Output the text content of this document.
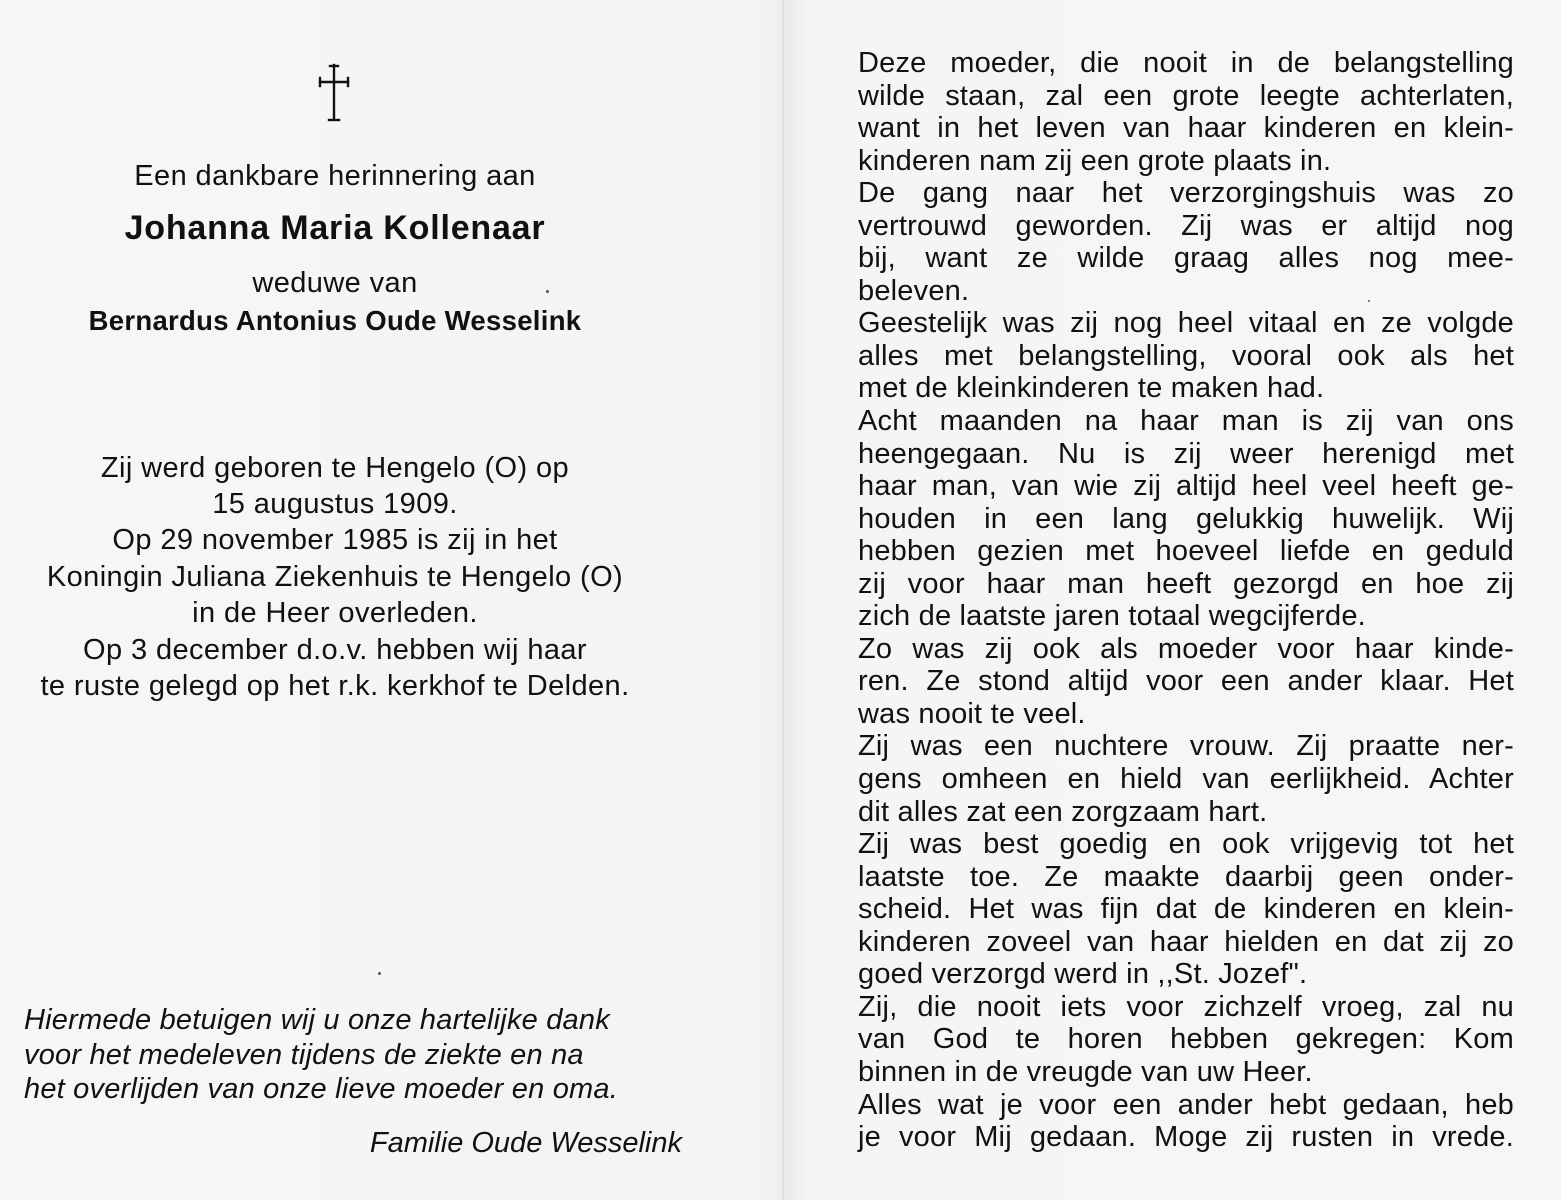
Een dankbare herinnering aan
Johanna Maria Kollenaar
weduwe van
Bernardus Antonius Oude Wesselink
Zij werd geboren te Hengelo (O) op
15 augustus 1909.
Op 29 november 1985 is zij in het
Koningin Juliana Ziekenhuis te Hengelo (O)
in de Heer overleden.
Op 3 december d.o.v. hebben wij haar
te ruste gelegd op het r.k. kerkhof te Delden.
Hiermede betuigen wij u onze hartelijke dank
voor het medeleven tijdens de ziekte en na
het overlijden van onze lieve moeder en oma.
Familie Oude Wesselink
Deze moeder, die nooit in de belangstelling
wilde staan, zal een grote leegte achterlaten,
want in het leven van haar kinderen en klein-
kinderen nam zij een grote plaats in.
De gang naar het verzorgingshuis was zo
vertrouwd geworden. Zij was er altijd nog
bij, want ze wilde graag alles nog mee-
beleven.
Geestelijk was zij nog heel vitaal en ze volgde
alles met belangstelling, vooral ook als het
met de kleinkinderen te maken had.
Acht maanden na haar man is zij van ons
heengegaan. Nu is zij weer herenigd met
haar man, van wie zij altijd heel veel heeft ge-
houden in een lang gelukkig huwelijk. Wij
hebben gezien met hoeveel liefde en geduld
zij voor haar man heeft gezorgd en hoe zij
zich de laatste jaren totaal wegcijferde.
Zo was zij ook als moeder voor haar kinde-
ren. Ze stond altijd voor een ander klaar. Het
was nooit te veel.
Zij was een nuchtere vrouw. Zij praatte ner-
gens omheen en hield van eerlijkheid. Achter
dit alles zat een zorgzaam hart.
Zij was best goedig en ook vrijgevig tot het
laatste toe. Ze maakte daarbij geen onder-
scheid. Het was fijn dat de kinderen en klein-
kinderen zoveel van haar hielden en dat zij zo
goed verzorgd werd in ,,St. Jozef".
Zij, die nooit iets voor zichzelf vroeg, zal nu
van God te horen hebben gekregen: Kom
binnen in de vreugde van uw Heer.
Alles wat je voor een ander hebt gedaan, heb
je voor Mij gedaan. Moge zij rusten in vrede.
